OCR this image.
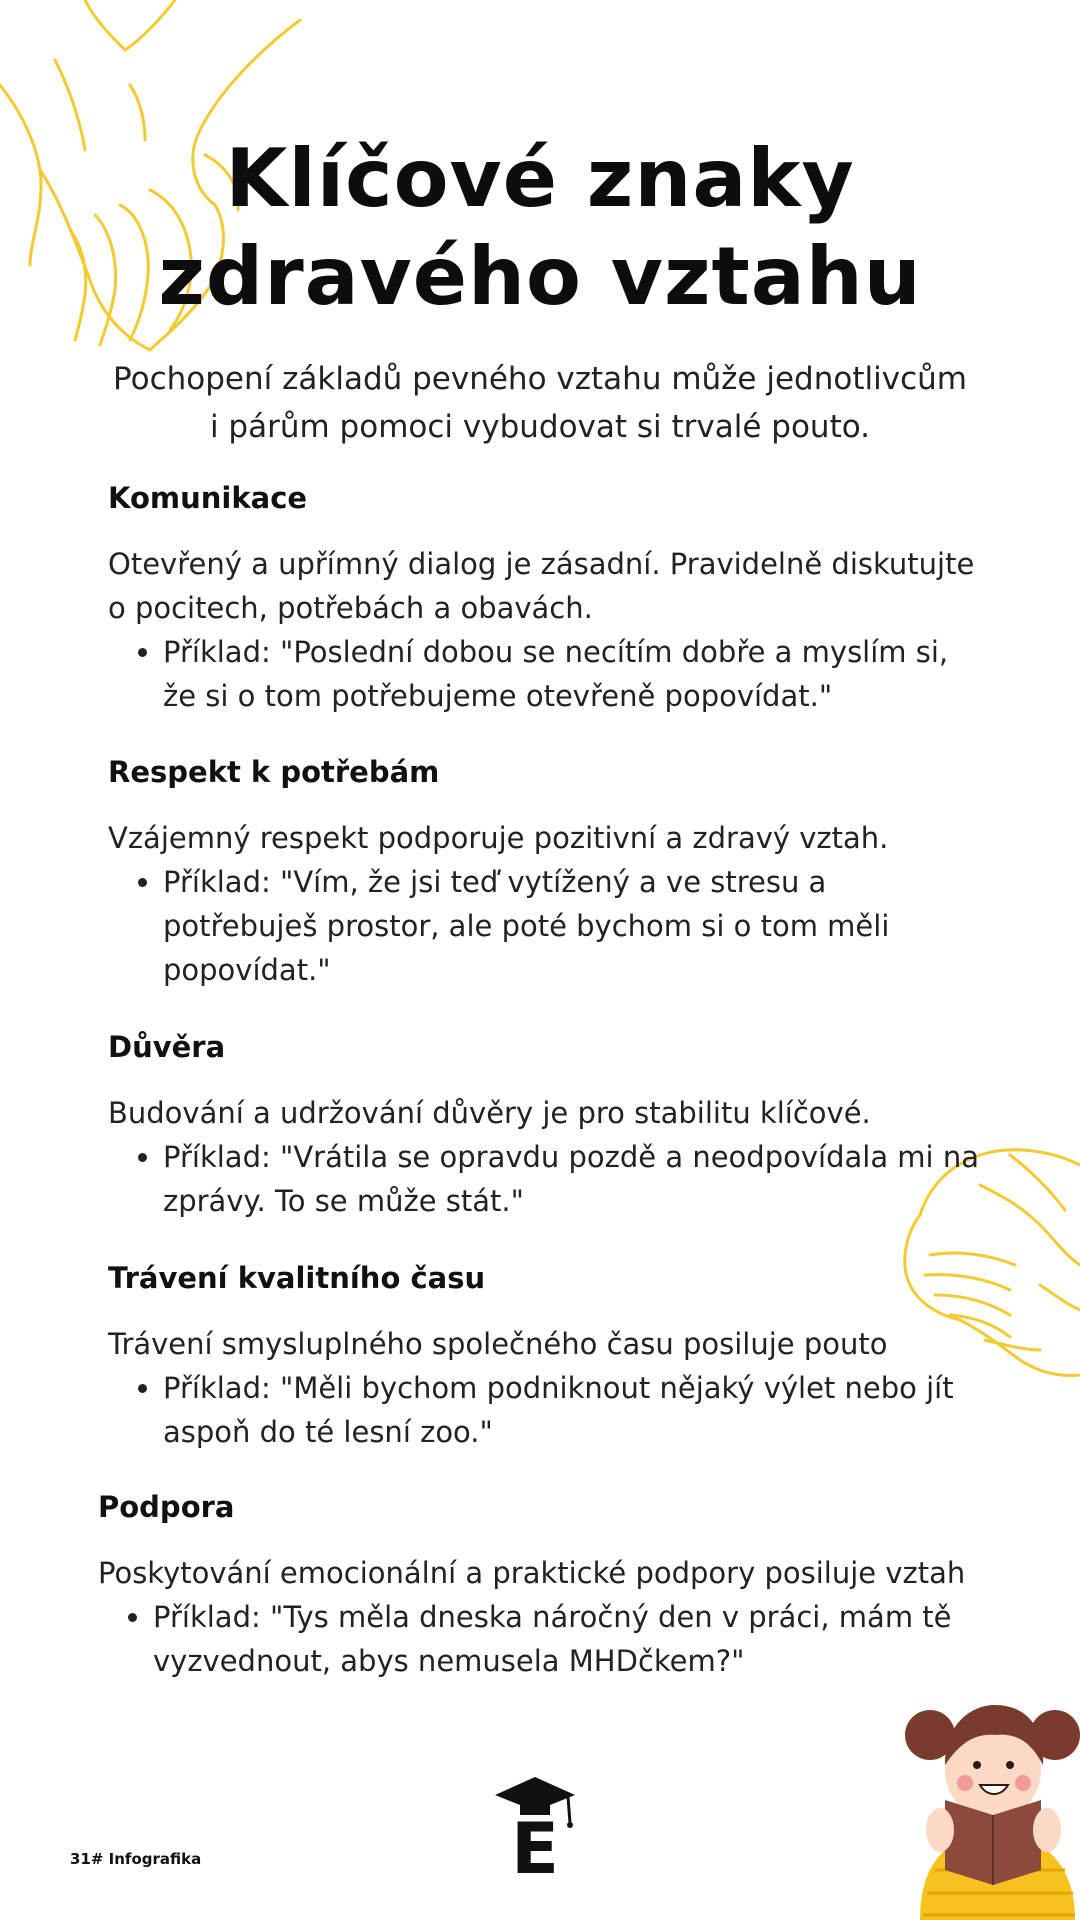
E
Klíčové znaky
zdravého vztahu

Pochopení základů pevného vztahu může jednotlivcům
i párům pomoci vybudovat si trvalé pouto.

Komunikace

Otevřený a upřímný dialog je zásadní. Pravidelně diskutujte o pocitech, potřebách a obavách.

• Příklad: "Poslední dobou se necítím dobře a myslím si, že si o tom potřebujeme otevřeně popovídat."
Respekt k potřebám

Vzájemný respekt podporuje pozitivní a zdravý vztah.

• Příklad: "Vím, že jsi teď vytížený a ve stresu a potřebuješ prostor, ale poté bychom si o tom měli popovídat."
Důvěra

Budování a udržování důvěry je pro stabilitu klíčové.

• Příklad: "Vrátila se opravdu pozdě a neodpovídala mi na zprávy. To se může stát."
Trávení kvalitního času

Trávení smysluplného společného času posiluje pouto

• Příklad: "Měli bychom podniknout nějaký výlet nebo jít aspoň do té lesní zoo."
Podpora

Poskytování emocionální a praktické podpory posiluje vztah

• Příklad: "Tys měla dneska náročný den v práci, mám tě vyzvednout, abys nemusela MHDčkem?"
31# Infografika
